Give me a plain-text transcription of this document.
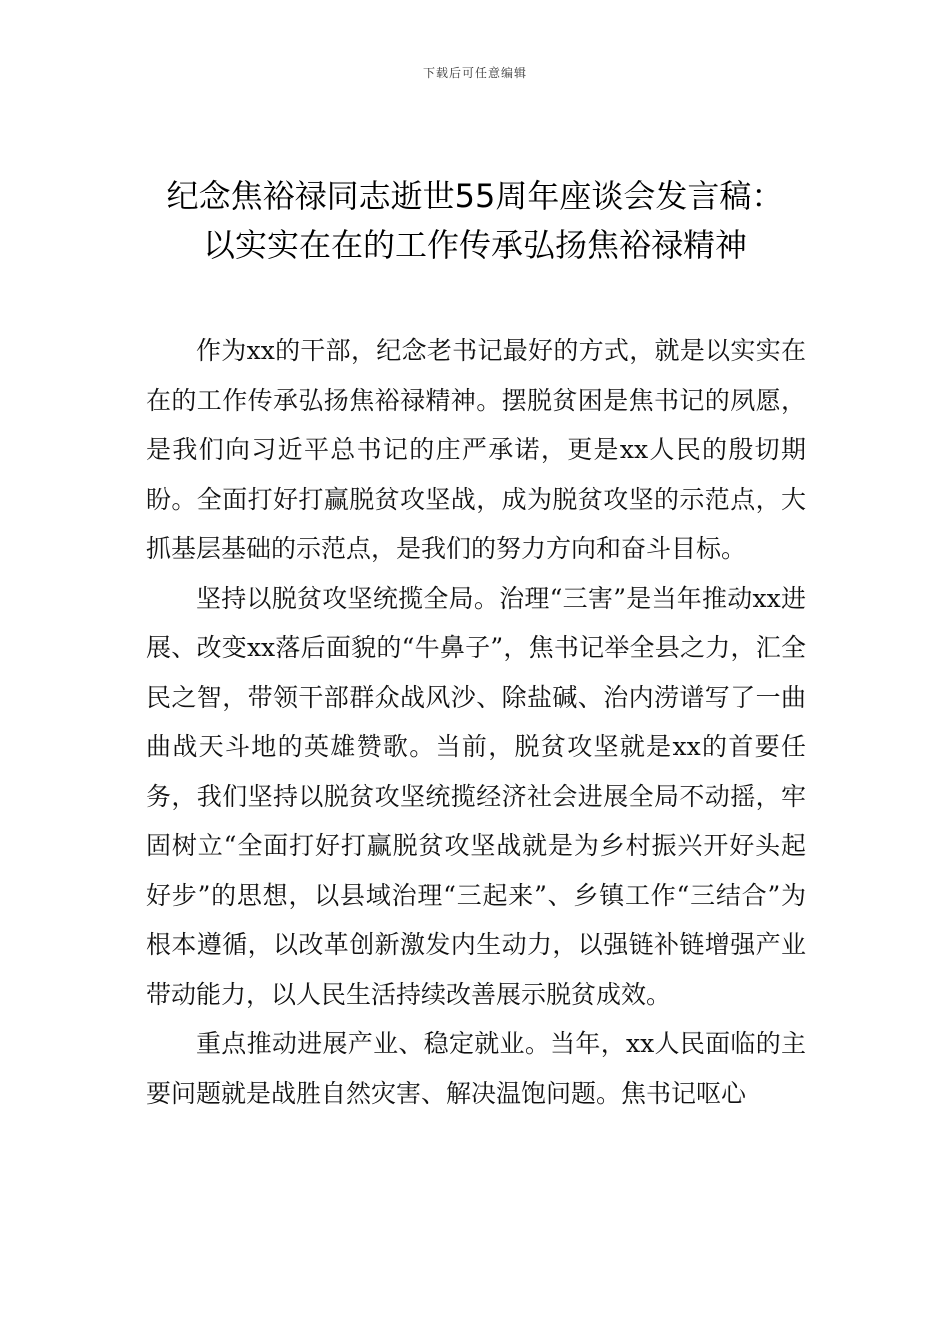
下载后可任意编辑
纪念焦裕禄同志逝世55周年座谈会发言稿：
以实实在在的工作传承弘扬焦裕禄精神

作为xx的干部，纪念老书记最好的方式，就是以实实在在的工作传承弘扬焦裕禄精神。摆脱贫困是焦书记的夙愿，是我们向习近平总书记的庄严承诺，更是xx人民的殷切期盼。全面打好打赢脱贫攻坚战，成为脱贫攻坚的示范点，大抓基层基础的示范点，是我们的努力方向和奋斗目标。

坚持以脱贫攻坚统揽全局。治理“三害”是当年推动xx进展、改变xx落后面貌的“牛鼻子”，焦书记举全县之力，汇全民之智，带领干部群众战风沙、除盐碱、治内涝谱写了一曲曲战天斗地的英雄赞歌。当前，脱贫攻坚就是xx的首要任务，我们坚持以脱贫攻坚统揽经济社会进展全局不动摇，牢固树立“全面打好打赢脱贫攻坚战就是为乡村振兴开好头起好步”的思想，以县域治理“三起来”、乡镇工作“三结合”为根本遵循，以改革创新激发内生动力，以强链补链增强产业带动能力，以人民生活持续改善展示脱贫成效。

重点推动进展产业、稳定就业。当年，xx人民面临的主要问题就是战胜自然灾害、解决温饱问题。焦书记呕心
